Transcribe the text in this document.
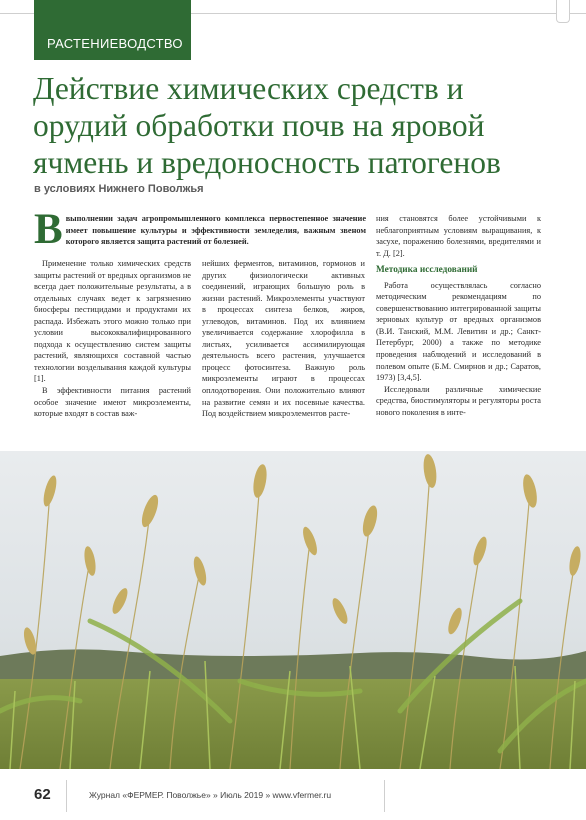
РАСТЕНИЕВОДСТВО
Действие химических средств и орудий обработки почв на яровой ячмень и вредоносность патогенов
в условиях Нижнего Поволжья
Ввыполнении задач агропромышленного комплекса первостепенное значение имеет повышение культуры и эффективности земледелия, важным звеном которого является защита растений от болезней.

Применение только химических средств защиты растений от вредных организмов не всегда дает положительные результаты, а в отдельных случаях ведет к загрязнению биосферы пестицидами и продуктами их распада. Избежать этого можно только при условии высококвалифицированного подхода к осуществлению систем защиты растений, являющихся составной частью технологии возделывания каждой культуры [1].

В эффективности питания растений особое значение имеют микроэлементы, которые входят в состав важ-

нейших ферментов, витаминов, гормонов и других физиологически активных соединений, играющих большую роль в жизни растений. Микроэлементы участвуют в процессах синтеза белков, жиров, углеводов, витаминов. Под их влиянием увеличивается содержание хлорофилла в листьях, усиливается ассимилирующая деятельность всего растения, улучшается процесс фотосинтеза. Важную роль микроэлементы играют в процессах оплодотворения. Они положительно влияют на развитие семян и их посевные качества. Под воздействием микроэлементов расте-

ния становятся более устойчивыми к неблагоприятным условиям выращивания, к засухе, поражению болезнями, вредителями и т. Д. [2].

Методика исследований

Работа осуществлялась согласно методическим рекомендациям по совершенствованию интегрированной защиты зерновых культур от вредных организмов (В.И. Танский, М.М. Левитин и др.; Санкт-Петербург, 2000) а также по методике проведения наблюдений и исследований в полевом опыте (Б.М. Смирнов и др.; Саратов, 1973) [3,4,5].

Исследовали различные химические средства, биостимуляторы и регуляторы роста нового поколения в инте-

62	Журнал «ФЕРМЕР. Поволжье» » Июль 2019 » www.vfermer.ru
